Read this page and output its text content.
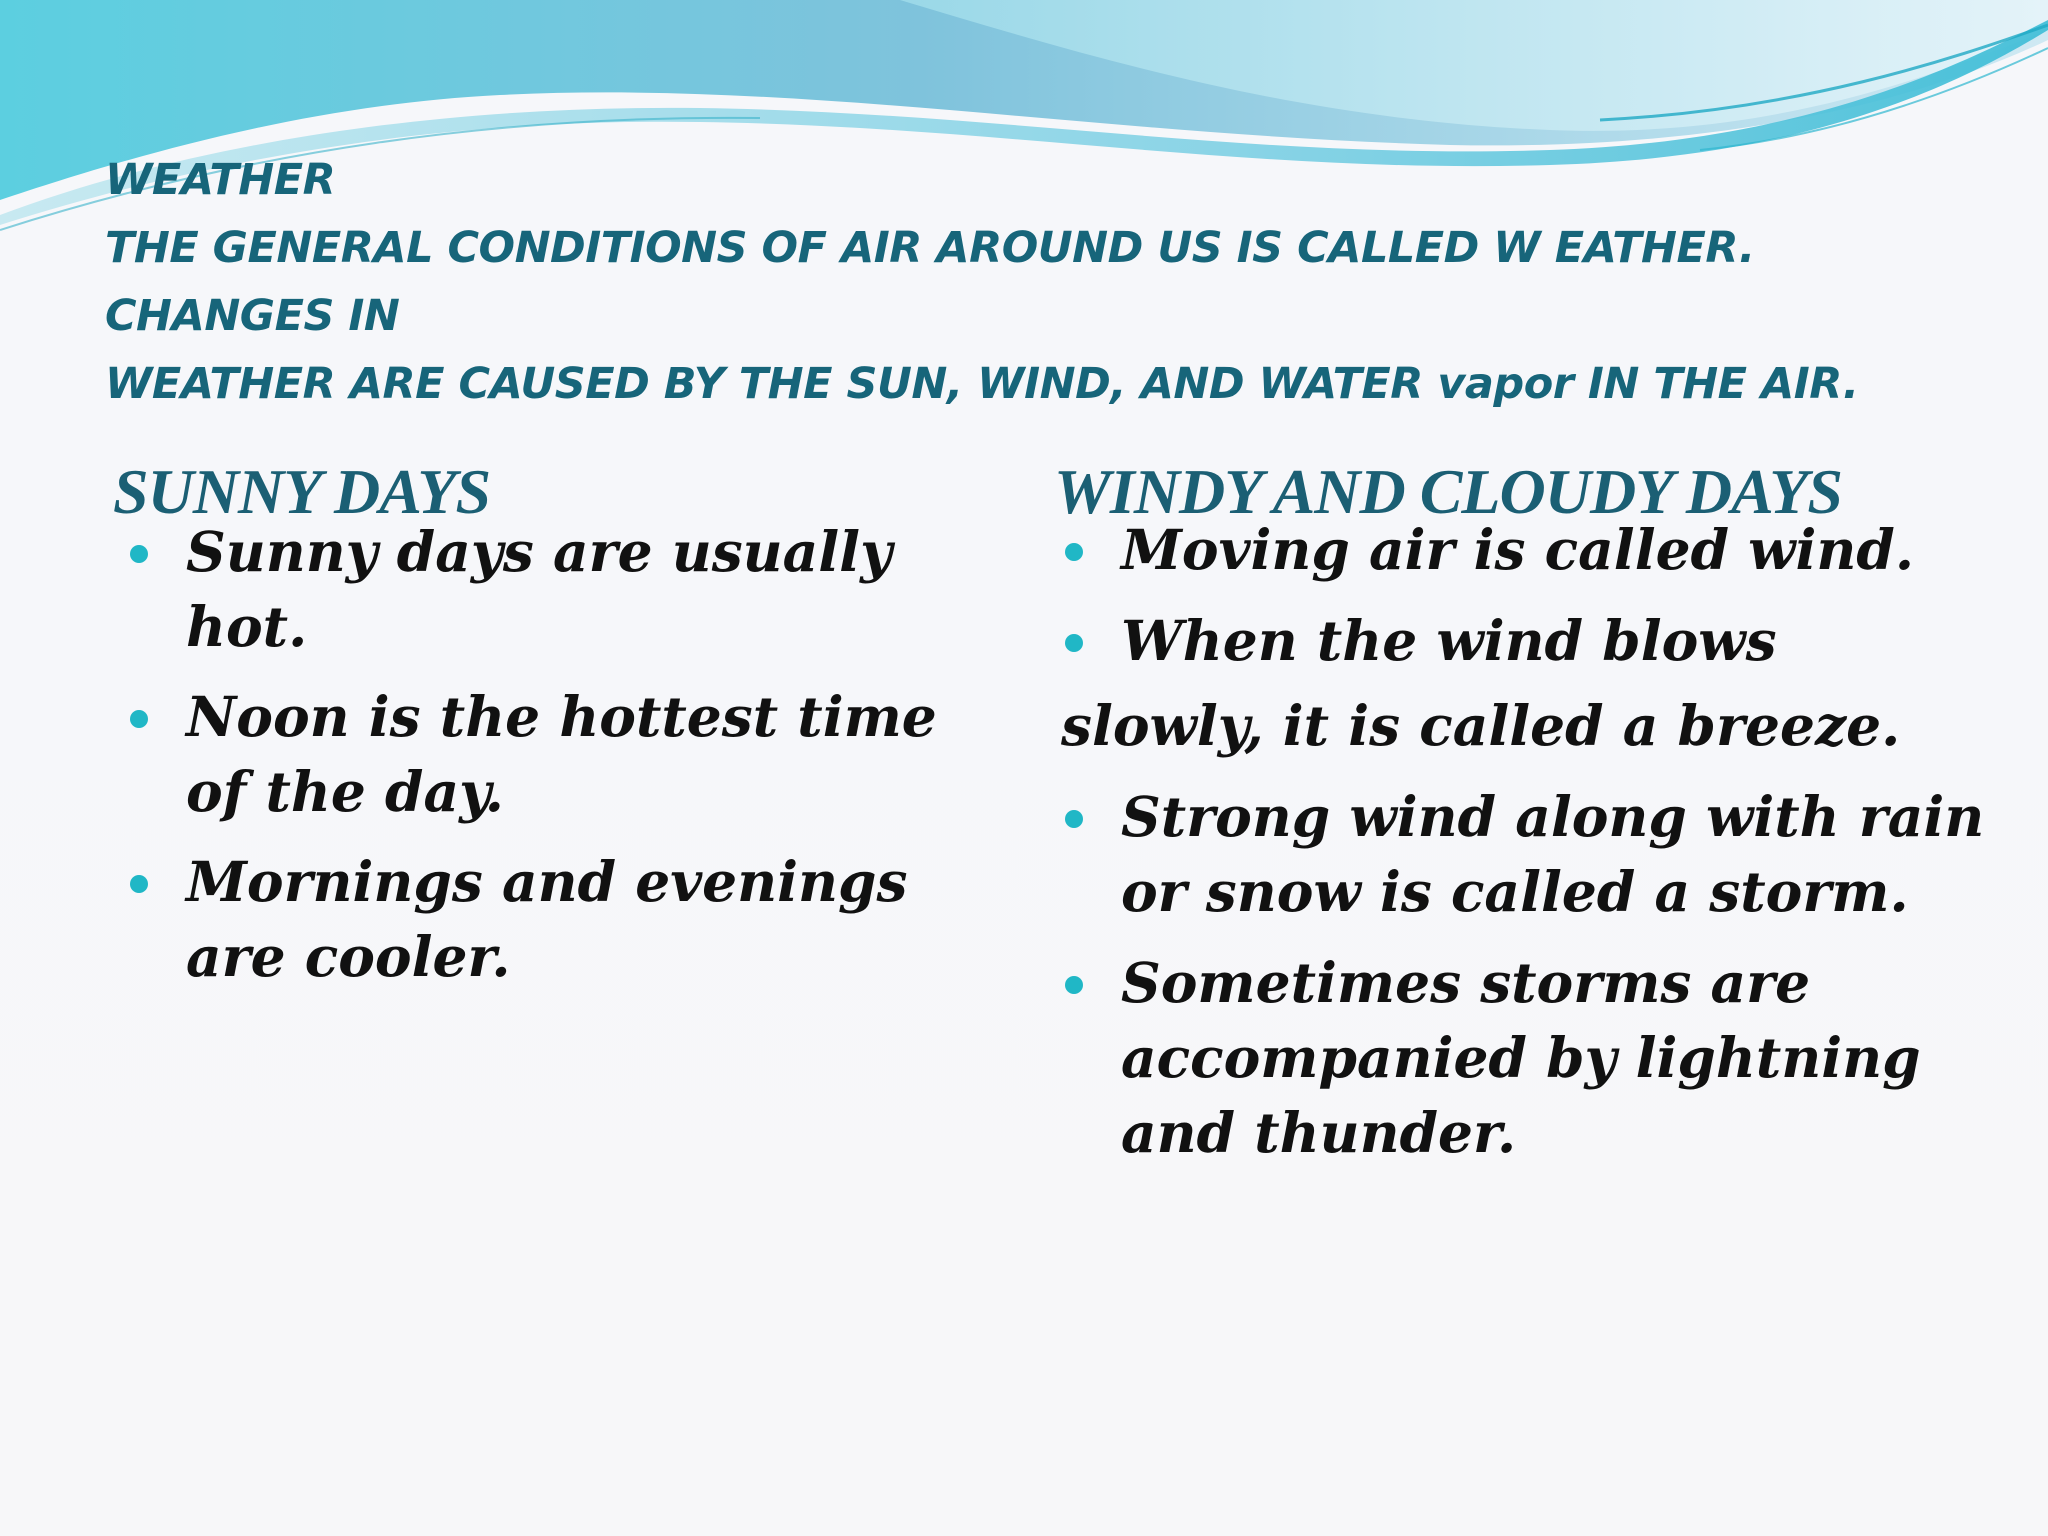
WEATHER
THE GENERAL CONDITIONS OF AIR AROUND US IS CALLED W EATHER.
CHANGES IN
WEATHER ARE CAUSED BY THE SUN, WIND, AND WATER vapor IN THE AIR.
SUNNY DAYS	WINDY AND CLOUDY DAYS
Sunny days are usually hot.
Noon is the hottest time of the day.
Mornings and evenings are cooler.
Moving air is called wind.
When the wind blows
slowly, it is called a breeze.
Strong wind along with rain or snow is called a storm.
Sometimes storms are accompanied by lightning and thunder.
